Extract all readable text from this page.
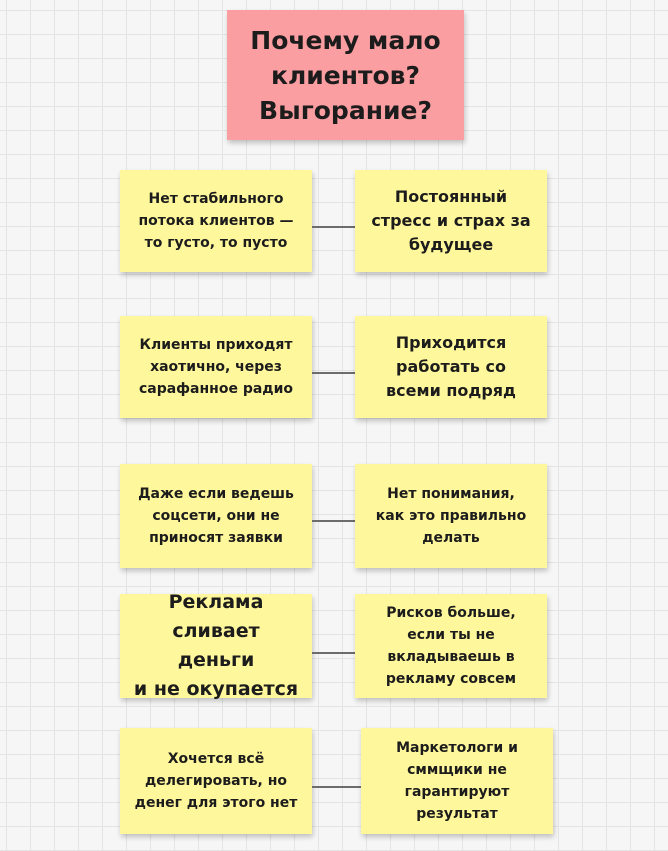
Почему мало
клиентов?
Выгорание?
Нет стабильного
потока клиентов —
то густо, то пусто
Постоянный
стресс и страх за
будущее
Клиенты приходят
хаотично, через
сарафанное радио
Приходится
работать со
всеми подряд
Даже если ведешь
соцсети, они не
приносят заявки
Нет понимания,
как это правильно
делать
Реклама
сливает деньги
и не окупается
Рисков больше,
если ты не
вкладываешь в
рекламу совсем
Хочется всё
делегировать, но
денег для этого нет
Маркетологи и
сммщики не
гарантируют
результат
